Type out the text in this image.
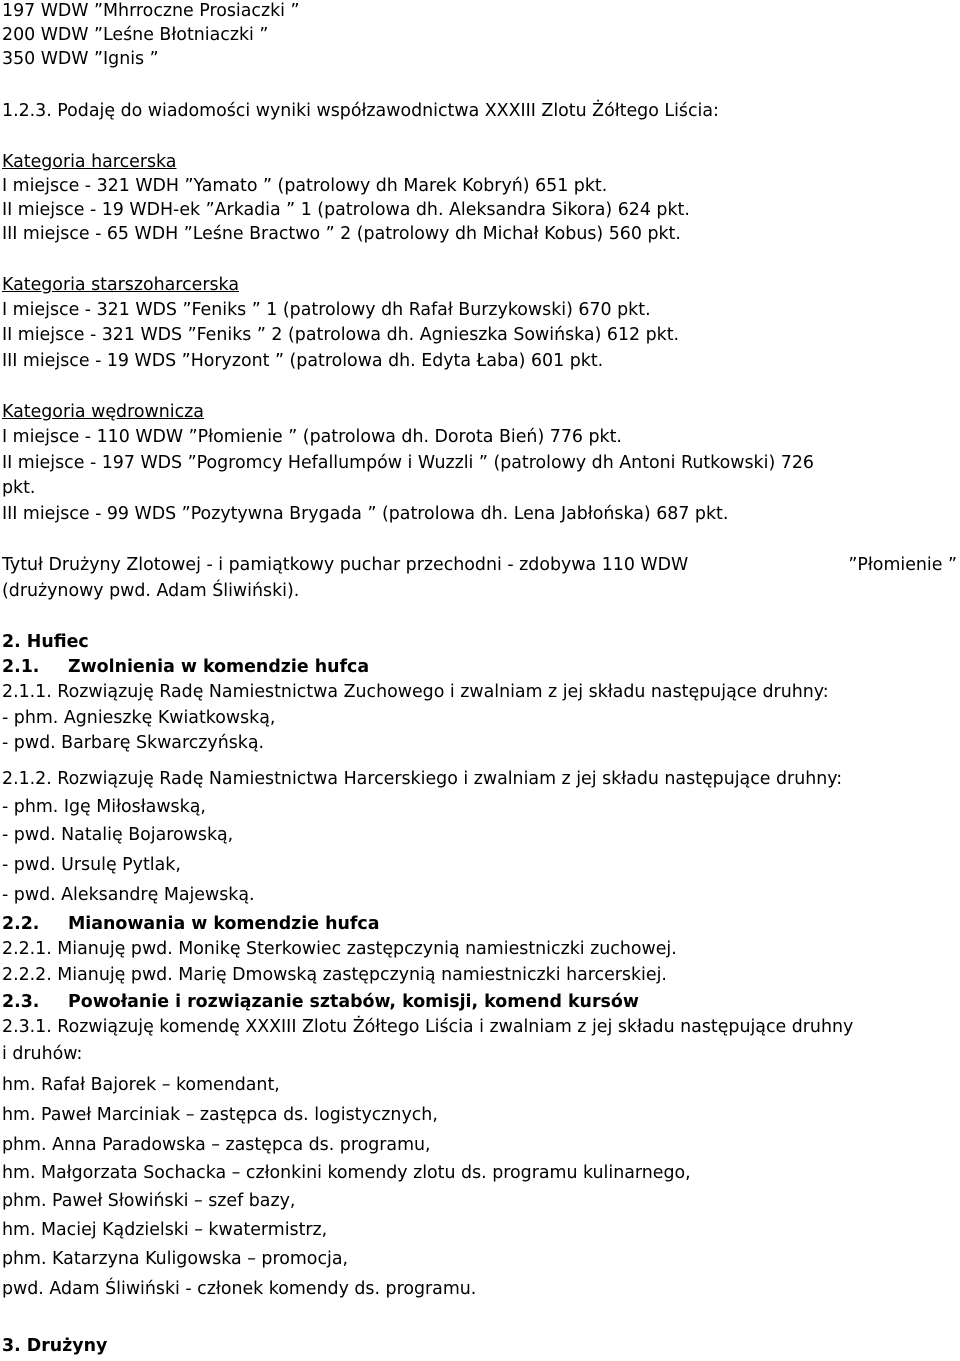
197 WDW ”Mhrroczne Prosiaczki ”
200 WDW ”Leśne Błotniaczki ”
350 WDW ”Ignis ”
1.2.3. Podaję do wiadomości wyniki współzawodnictwa XXXIII Zlotu Żółtego Liścia:
Kategoria harcerska
I miejsce - 321 WDH ”Yamato ” (patrolowy dh Marek Kobryń) 651 pkt.
II miejsce - 19 WDH-ek ”Arkadia ” 1 (patrolowa dh. Aleksandra Sikora) 624 pkt.
III miejsce - 65 WDH ”Leśne Bractwo ” 2 (patrolowy dh Michał Kobus) 560 pkt.
Kategoria starszoharcerska
I miejsce - 321 WDS ”Feniks ” 1 (patrolowy dh Rafał Burzykowski) 670 pkt.
II miejsce - 321 WDS ”Feniks ” 2 (patrolowa dh. Agnieszka Sowińska) 612 pkt.
III miejsce - 19 WDS ”Horyzont ” (patrolowa dh. Edyta Łaba) 601 pkt.
Kategoria wędrownicza
I miejsce - 110 WDW ”Płomienie ” (patrolowa dh. Dorota Bień) 776 pkt.
II miejsce - 197 WDS ”Pogromcy Hefallumpów i Wuzzli ” (patrolowy dh Antoni Rutkowski) 726
pkt.
III miejsce - 99 WDS ”Pozytywna Brygada ” (patrolowa dh. Lena Jabłońska) 687 pkt.
Tytuł Drużyny Zlotowej - i pamiątkowy puchar przechodni - zdobywa 110 WDW	”Płomienie ”
(drużynowy pwd. Adam Śliwiński).
2. Hufiec
2.1. Zwolnienia w komendzie hufca
2.1.1. Rozwiązuję Radę Namiestnictwa Zuchowego i zwalniam z jej składu następujące druhny:
- phm. Agnieszkę Kwiatkowską,
- pwd. Barbarę Skwarczyńską.
2.1.2. Rozwiązuję Radę Namiestnictwa Harcerskiego i zwalniam z jej składu następujące druhny:
- phm. Igę Miłosławską,
- pwd. Natalię Bojarowską,
- pwd. Ursulę Pytlak,
- pwd. Aleksandrę Majewską.
2.2. Mianowania w komendzie hufca
2.2.1. Mianuję pwd. Monikę Sterkowiec zastępczynią namiestniczki zuchowej.
2.2.2. Mianuję pwd. Marię Dmowską zastępczynią namiestniczki harcerskiej.
2.3. Powołanie i rozwiązanie sztabów, komisji, komend kursów
2.3.1. Rozwiązuję komendę XXXIII Zlotu Żółtego Liścia i zwalniam z jej składu następujące druhny
i druhów:
hm. Rafał Bajorek – komendant,
hm. Paweł Marciniak – zastępca ds. logistycznych,
phm. Anna Paradowska – zastępca ds. programu,
hm. Małgorzata Sochacka – członkini komendy zlotu ds. programu kulinarnego,
phm. Paweł Słowiński – szef bazy,
hm. Maciej Kądzielski – kwatermistrz,
phm. Katarzyna Kuligowska – promocja,
pwd. Adam Śliwiński - członek komendy ds. programu.
3. Drużyny
